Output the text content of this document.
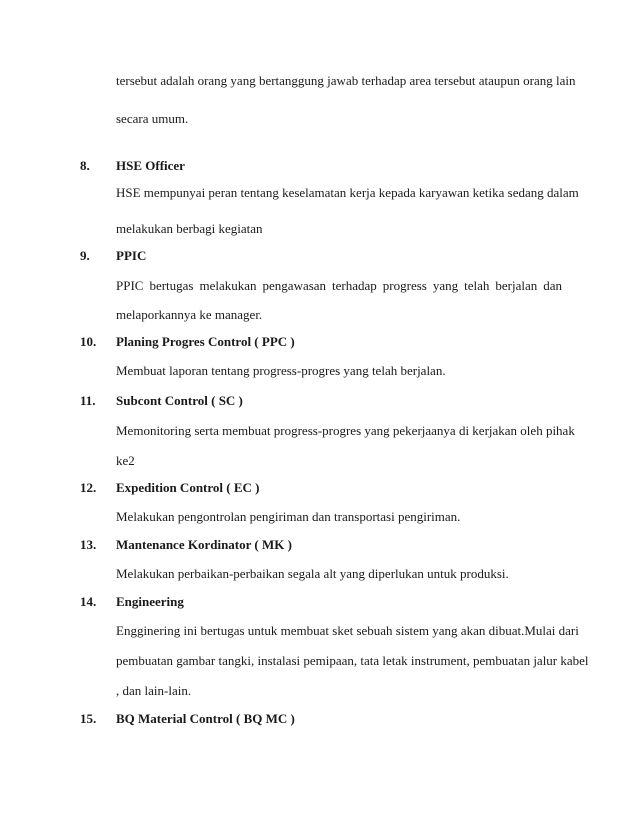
tersebut adalah orang yang bertanggung jawab terhadap area tersebut ataupun orang lain
secara umum.
8. HSE Officer
HSE mempunyai peran tentang keselamatan kerja kepada karyawan ketika sedang dalam
melakukan berbagi kegiatan
9. PPIC
PPIC bertugas melakukan pengawasan terhadap progress yang telah berjalan dan
melaporkannya ke manager.
10. Planing Progres Control ( PPC )
Membuat laporan tentang progress-progres yang telah berjalan.
11. Subcont Control ( SC )
Memonitoring serta membuat progress-progres yang pekerjaanya di kerjakan oleh pihak
ke2
12. Expedition Control ( EC )
Melakukan pengontrolan pengiriman dan transportasi pengiriman.
13. Mantenance Kordinator ( MK )
Melakukan perbaikan-perbaikan segala alt yang diperlukan untuk produksi.
14. Engineering
Engginering ini bertugas untuk membuat sket sebuah sistem yang akan dibuat.Mulai dari
pembuatan gambar tangki, instalasi pemipaan, tata letak instrument, pembuatan jalur kabel
, dan lain-lain.
15. BQ Material Control ( BQ MC )
